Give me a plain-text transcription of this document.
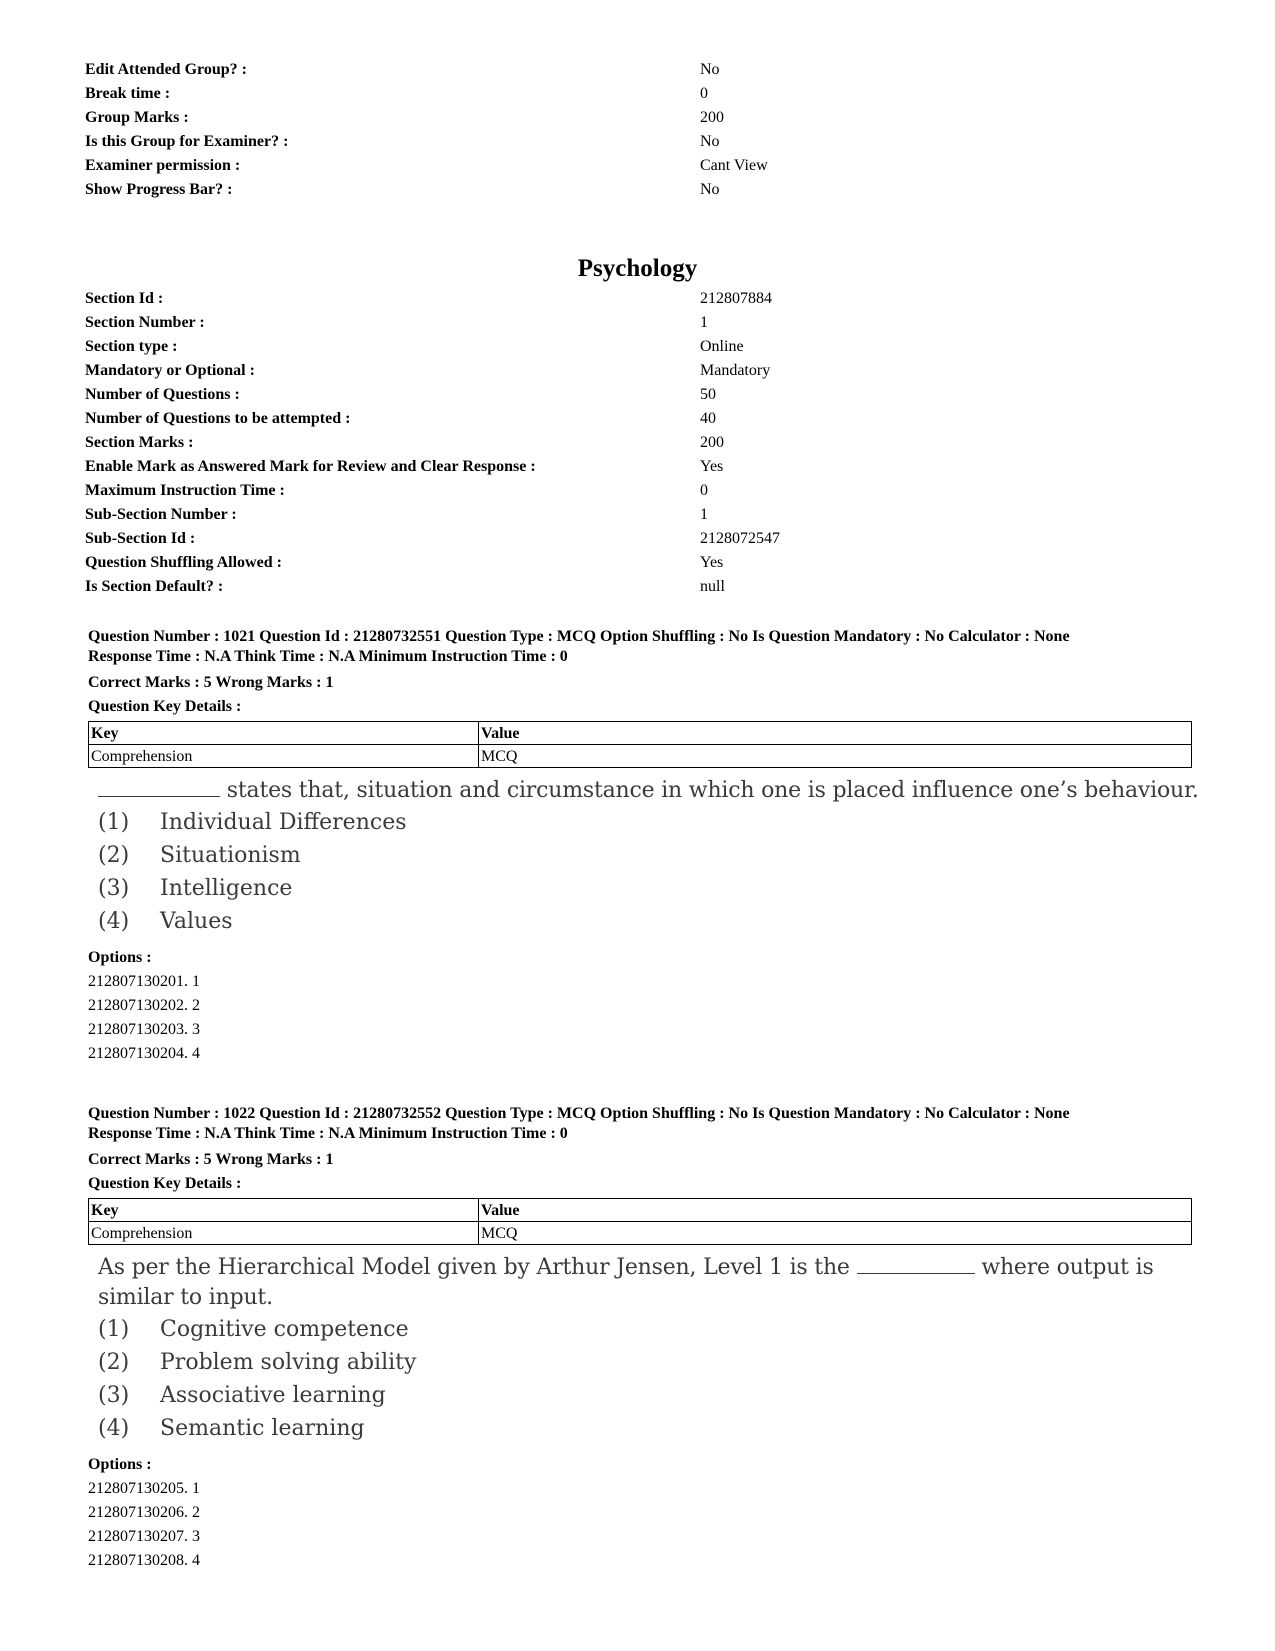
Edit Attended Group? :	No
Break time :	0
Group Marks :	200
Is this Group for Examiner? :	No
Examiner permission :	Cant View
Show Progress Bar? :	No
Psychology
Section Id :	212807884
Section Number :	1
Section type :	Online
Mandatory or Optional :	Mandatory
Number of Questions :	50
Number of Questions to be attempted :	40
Section Marks :	200
Enable Mark as Answered Mark for Review and Clear Response :	Yes
Maximum Instruction Time :	0
Sub-Section Number :	1
Sub-Section Id :	2128072547
Question Shuffling Allowed :	Yes
Is Section Default? :	null
Question Number : 1021 Question Id : 21280732551 Question Type : MCQ Option Shuffling : No Is Question Mandatory : No Calculator : None
Response Time : N.A Think Time : N.A Minimum Instruction Time : 0
Correct Marks : 5 Wrong Marks : 1
Question Key Details :
Key	Value
Comprehension	MCQ
states that, situation and circumstance in which one is placed influence one’s behaviour.
(1) Individual Differences
(2) Situationism
(3) Intelligence
(4) Values
Options :
212807130201. 1
212807130202. 2
212807130203. 3
212807130204. 4
Question Number : 1022 Question Id : 21280732552 Question Type : MCQ Option Shuffling : No Is Question Mandatory : No Calculator : None
Response Time : N.A Think Time : N.A Minimum Instruction Time : 0
Correct Marks : 5 Wrong Marks : 1
Question Key Details :
Key	Value
Comprehension	MCQ
As per the Hierarchical Model given by Arthur Jensen, Level 1 is the	where output is
similar to input.
(1) Cognitive competence
(2) Problem solving ability
(3) Associative learning
(4) Semantic learning
Options :
212807130205. 1
212807130206. 2
212807130207. 3
212807130208. 4
